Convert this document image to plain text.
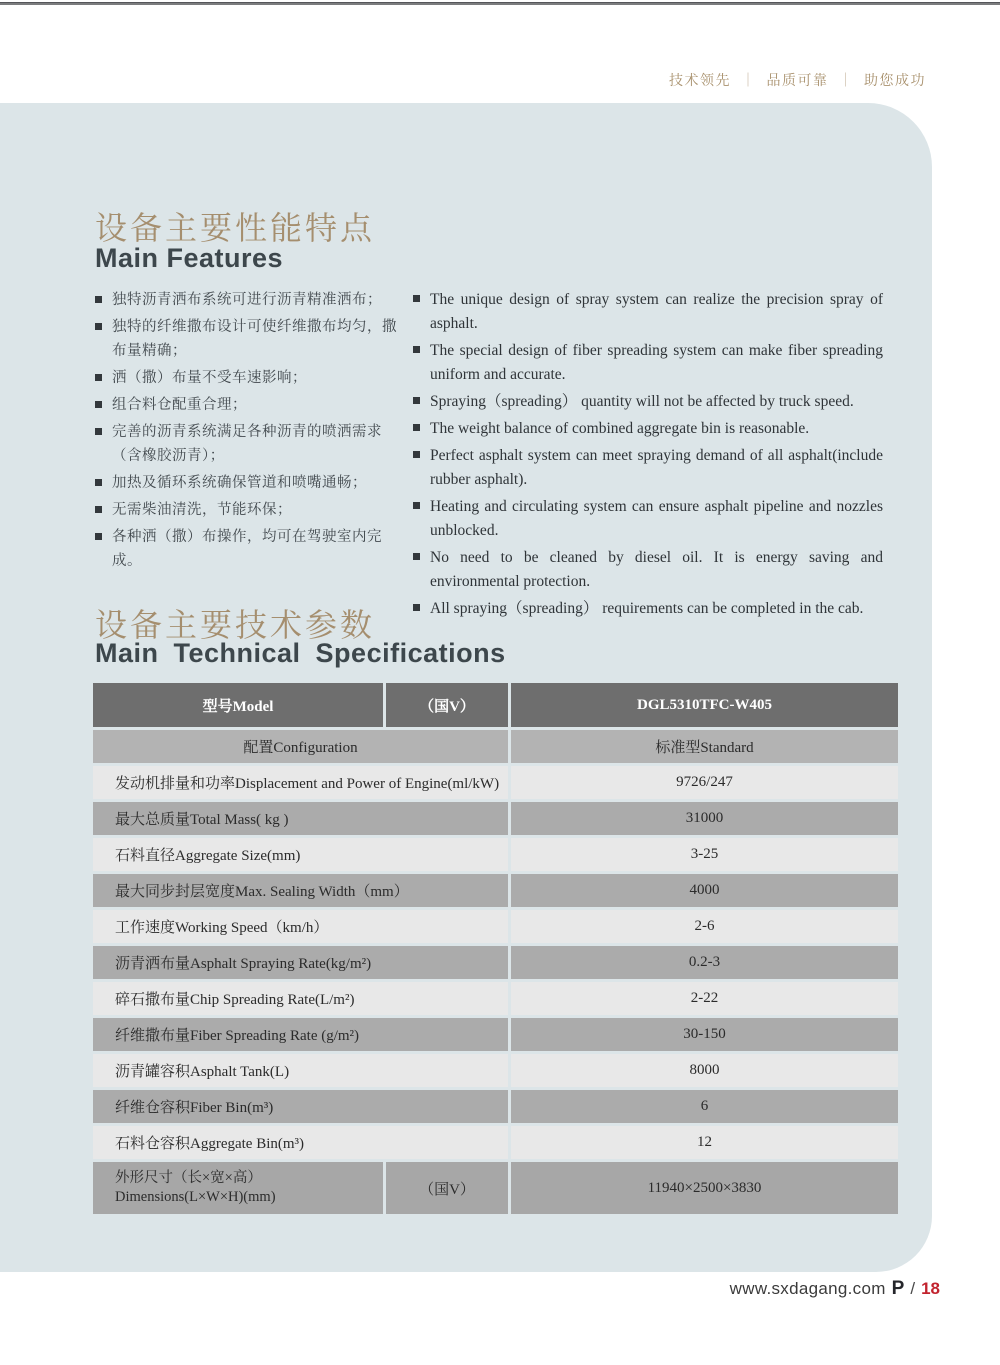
技术领先 ｜ 品质可靠 ｜ 助您成功
设备主要性能特点
Main Features
独特沥青洒布系统可进行沥青精准洒布；
独特的纤维撒布设计可使纤维撒布均匀，撒布量精确；
洒（撒）布量不受车速影响；
组合料仓配重合理；
完善的沥青系统满足各种沥青的喷洒需求（含橡胶沥青）；
加热及循环系统确保管道和喷嘴通畅；
无需柴油清洗，节能环保；
各种洒（撒）布操作，均可在驾驶室内完成。
The unique design of spray system can realize the precision spray of asphalt.
The special design of fiber spreading system can make fiber spreading uniform and accurate.
Spraying（spreading） quantity will not be affected by truck speed.
The weight balance of combined aggregate bin is reasonable.
Perfect asphalt system can meet spraying demand of all asphalt(include rubber asphalt).
Heating and circulating system can ensure asphalt pipeline and nozzles unblocked.
No need to be cleaned by diesel oil. It is energy saving and environmental protection.
All spraying（spreading） requirements can be completed in the cab.
设备主要技术参数
Main Technical Specifications
型号Model	（国V）	DGL5310TFC-W405
配置Configuration	标准型Standard
发动机排量和功率Displacement and Power of Engine(ml/kW)	9726/247
最大总质量Total Mass( kg )	31000
石料直径Aggregate Size(mm)	3-25
最大同步封层宽度Max. Sealing Width（mm）	4000
工作速度Working Speed（km/h）	2-6
沥青洒布量Asphalt Spraying Rate(kg/m²)	0.2-3
碎石撒布量Chip Spreading Rate(L/m²)	2-22
纤维撒布量Fiber Spreading Rate (g/m²)	30-150
沥青罐容积Asphalt Tank(L)	8000
纤维仓容积Fiber Bin(m³)	6
石料仓容积Aggregate Bin(m³)	12
外形尺寸（长×宽×高）
Dimensions(L×W×H)(mm)	（国V）	11940×2500×3830
www.sxdagang.com P / 18
